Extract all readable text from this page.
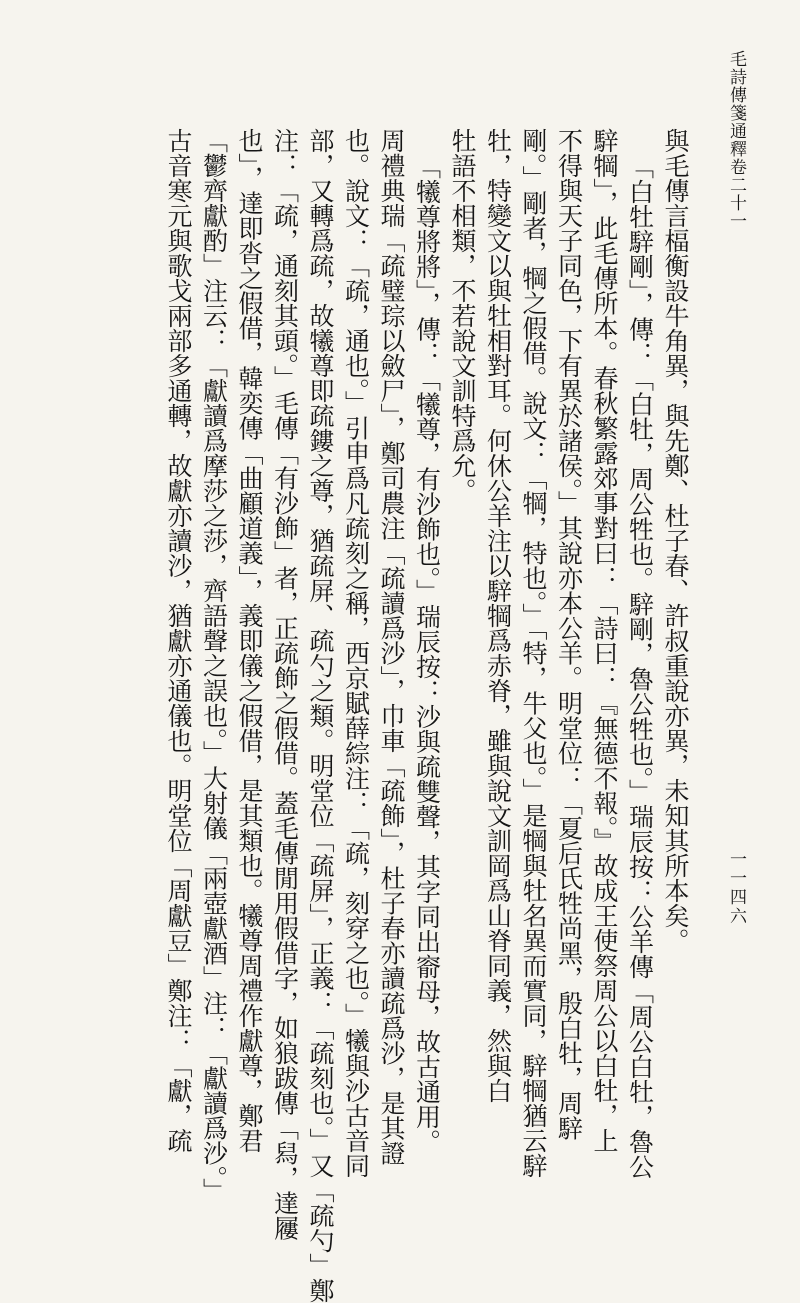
毛詩傳箋通釋卷二十一
一一四六
與毛傳言楅衡設牛角異，與先鄭、杜子春、許叔重說亦異，未知其所本矣。
「白牡騂剛」，傳：「白牡，周公牲也。騂剛，魯公牲也。」瑞辰按：公羊傳「周公白牡，魯公
騂犅」，此毛傳所本。春秋繁露郊事對曰：「詩曰：『無德不報。』故成王使祭周公以白牡，上
不得與天子同色，下有異於諸侯。」其說亦本公羊。明堂位：「夏后氏牲尚黑，殷白牡，周騂
剛。」剛者，犅之假借。說文：「犅，特也。」「特，牛父也。」是犅與牡名異而實同，騂犅猶云騂
牡，特變文以與牡相對耳。何休公羊注以騂犅爲赤脊，雖與說文訓岡爲山脊同義，然與白
牡語不相類，不若說文訓特爲允。
「犧尊將將」，傳：「犧尊，有沙飾也。」瑞辰按：沙與疏雙聲，其字同出窬母，故古通用。
周禮典瑞「疏璧琮以斂尸」，鄭司農注「疏讀爲沙」，巾車「疏飾」，杜子春亦讀疏爲沙，是其證
也。說文：「疏，通也。」引申爲凡疏刻之稱，西京賦薛綜注：「疏，刻穿之也。」犧與沙古音同
部，又轉爲疏，故犧尊即疏鏤之尊，猶疏屏、疏勺之類。明堂位「疏屏」，正義：「疏刻也。」又「疏勺」鄭
注：「疏，通刻其頭。」毛傳「有沙飾」者，正疏飾之假借。蓋毛傳閒用假借字，如狼跋傳「舄，達屨
也」，達即沓之假借，韓奕傳「曲顧道義」，義即儀之假借，是其類也。犧尊周禮作獻尊，鄭君
「鬱齊獻酌」注云：「獻讀爲摩莎之莎，齊語聲之誤也。」大射儀「兩壺獻酒」注：「獻讀爲沙。」
古音寒元與歌戈兩部多通轉，故獻亦讀沙，猶獻亦通儀也。明堂位「周獻豆」鄭注：「獻，疏
